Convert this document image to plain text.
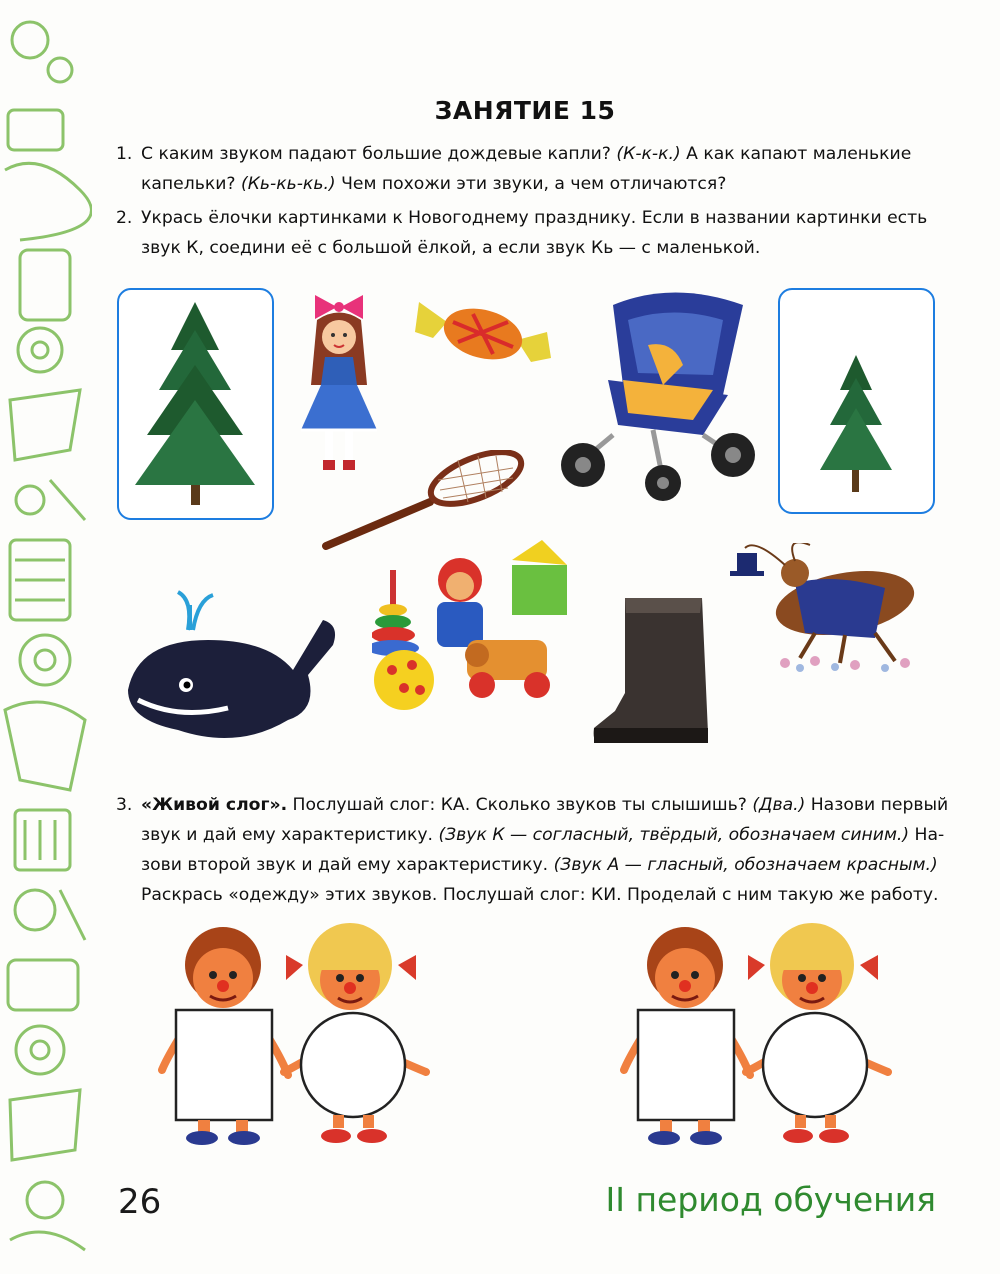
ЗАНЯТИЕ 15
1. С каким звуком падают большие дождевые капли? (К-к-к.) А как капают маленькие
капельки? (Кь-кь-кь.) Чем похожи эти звуки, а чем отличаются?
2. Укрась ёлочки картинками к Новогоднему празднику. Если в названии картинки есть
звук К, соедини её с большой ёлкой, а если звук Кь — с маленькой.
3. «Живой слог». Послушай слог: КА. Сколько звуков ты слышишь? (Два.) Назови первый
звук и дай ему характеристику. (Звук К — согласный, твёрдый, обозначаем синим.) На-
зови второй звук и дай ему характеристику. (Звук А — гласный, обозначаем красным.)
Раскрась «одежду» этих звуков. Послушай слог: КИ. Проделай с ним такую же работу.
26	II период обучения
